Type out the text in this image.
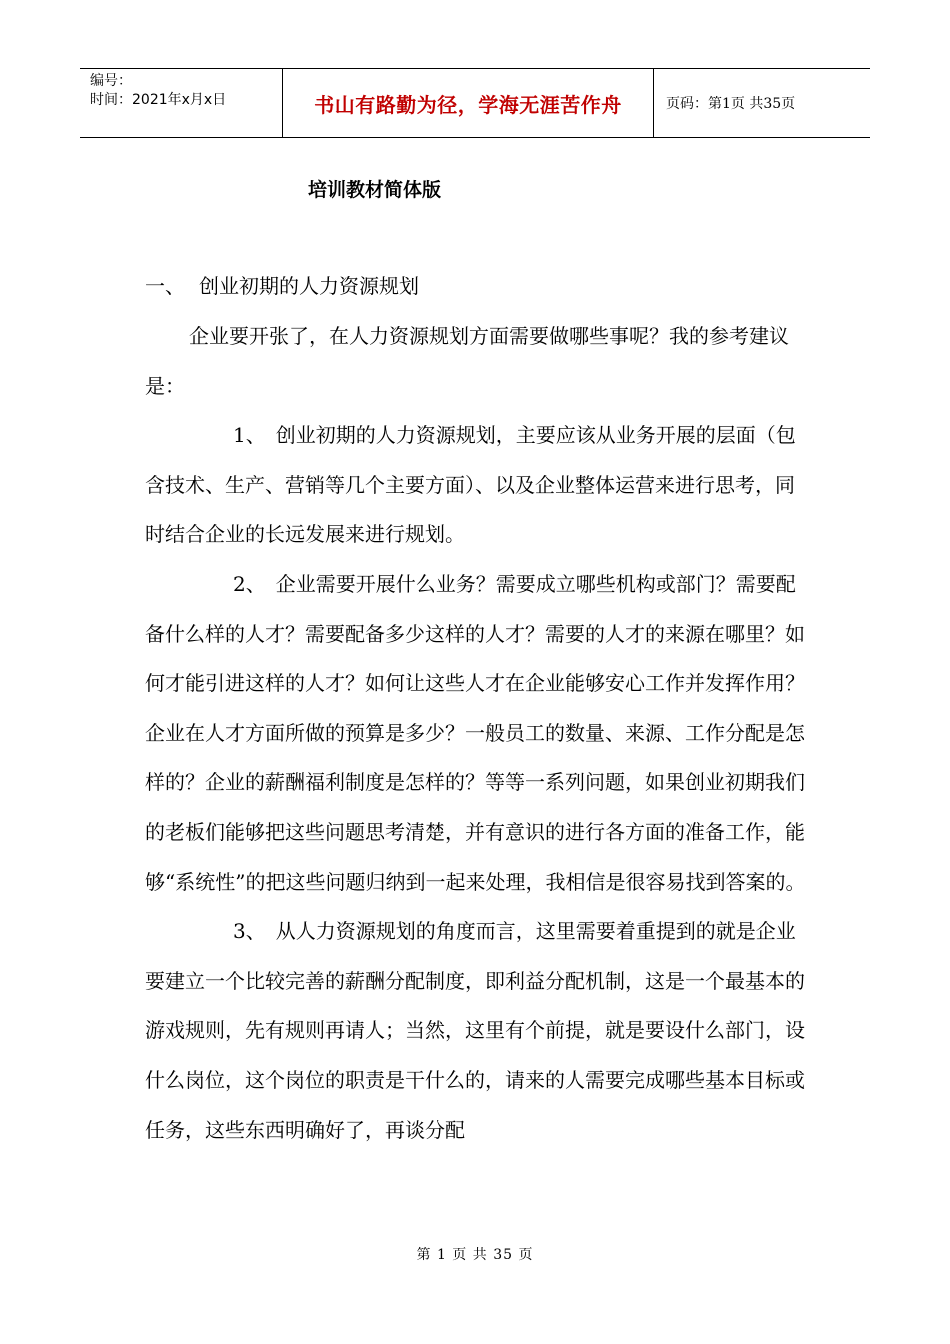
编号：
时间：2021年x月x日	书山有路勤为径，学海无涯苦作舟	页码：第1页 共35页
培训教材简体版
一、 创业初期的人力资源规划

企业要开张了，在人力资源规划方面需要做哪些事呢？我的参考建议是：

1、 创业初期的人力资源规划，主要应该从业务开展的层面（包含技术、生产、营销等几个主要方面）、以及企业整体运营来进行思考，同时结合企业的长远发展来进行规划。

2、 企业需要开展什么业务？需要成立哪些机构或部门？需要配备什么样的人才？需要配备多少这样的人才？需要的人才的来源在哪里？如何才能引进这样的人才？如何让这些人才在企业能够安心工作并发挥作用？企业在人才方面所做的预算是多少？一般员工的数量、来源、工作分配是怎样的？企业的薪酬福利制度是怎样的？等等一系列问题，如果创业初期我们的老板们能够把这些问题思考清楚，并有意识的进行各方面的准备工作，能够“系统性”的把这些问题归纳到一起来处理，我相信是很容易找到答案的。

3、 从人力资源规划的角度而言，这里需要着重提到的就是企业要建立一个比较完善的薪酬分配制度，即利益分配机制，这是一个最基本的游戏规则，先有规则再请人；当然，这里有个前提，就是要设什么部门，设什么岗位，这个岗位的职责是干什么的，请来的人需要完成哪些基本目标或任务，这些东西明确好了，再谈分配

第 1 页 共 35 页
